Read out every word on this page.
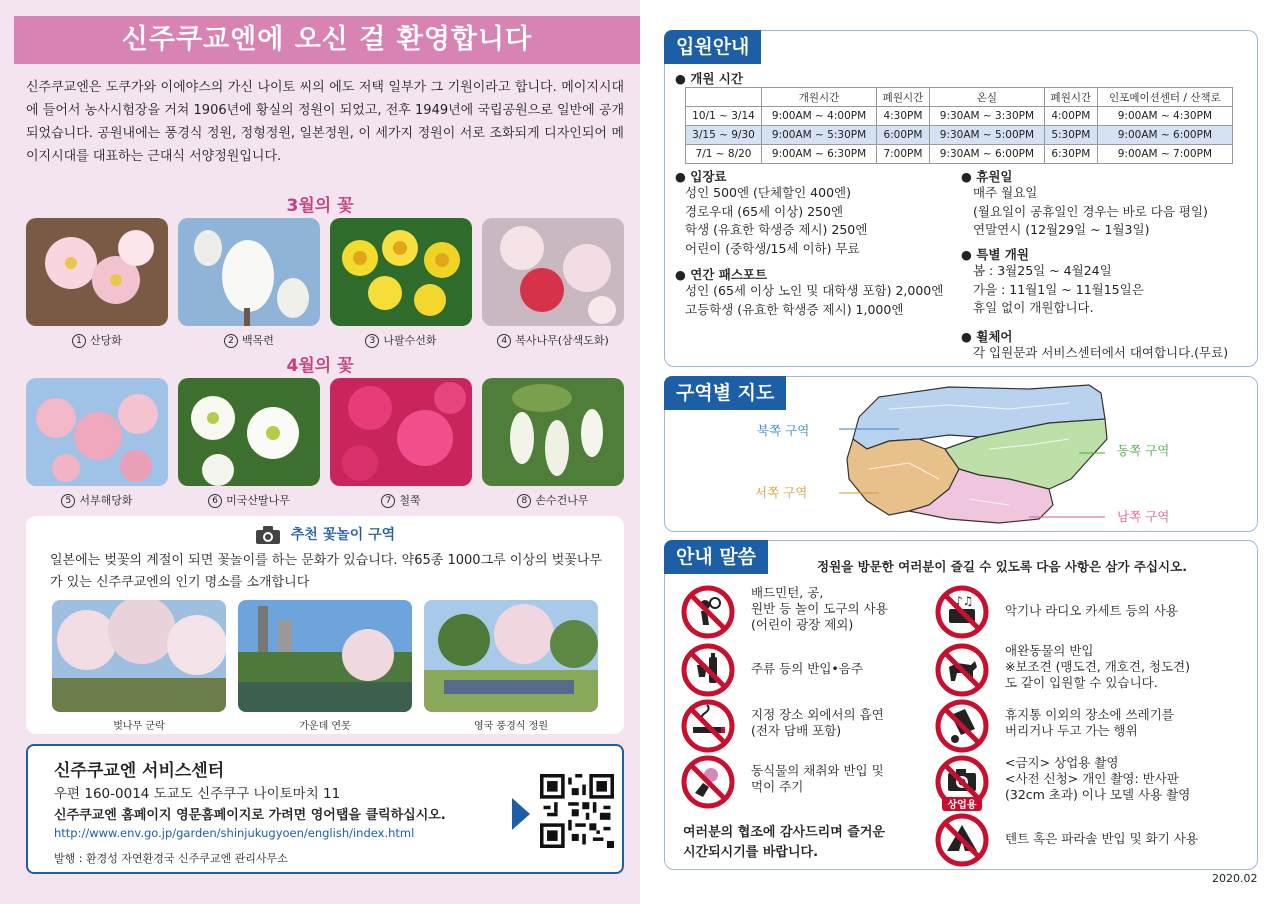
신주쿠교엔에 오신 걸 환영합니다

신주쿠교엔은 도쿠가와 이에야스의 가신 나이토 씨의 에도 저택 일부가 그 기원이라고 합니다. 메이지시대에 들어서 농사시험장을 거쳐 1906년에 황실의 정원이 되었고, 전후 1949년에 국립공원으로 일반에 공개되었습니다. 공원내에는 풍경식 정원, 정형정원, 일본정원, 이 세가지 정원이 서로 조화되게 디자인되어 메이지시대를 대표하는 근대식 서양정원입니다.

3월의 꽃
1 산당화	2 백목련	3 나팔수선화	4 복사나무(삼색도화)
4월의 꽃
5 서부해당화	6 미국산딸나무	7 철쭉	8 손수건나무
추천 꽃놀이 구역

일본에는 벚꽃의 계절이 되면 꽃놀이를 하는 문화가 있습니다. 약65종 1000그루 이상의 벚꽃나무가 있는 신주쿠교엔의 인기 명소를 소개합니다

벚나무 군락	가운데 연못	영국 풍경식 정원
신주쿠교엔 서비스센터
우편 160-0014 도교도 신주쿠구 나이토마치 11
신주쿠교엔 홈페이지 영문홈페이지로 가려면 영어탭을 클릭하십시오.
http://www.env.go.jp/garden/shinjukugyoen/english/index.html
발행 : 환경성 자연환경국 신주쿠교엔 관리사무소
입원안내
● 개원 시간
	개원시간	폐원시간	온실	폐원시간	인포메이션센터 / 산책로
10/1 ~ 3/14	9:00AM ~ 4:00PM	4:30PM	9:30AM ~ 3:30PM	4:00PM	9:00AM ~ 4:30PM
3/15 ~ 9/30	9:00AM ~ 5:30PM	6:00PM	9:30AM ~ 5:00PM	5:30PM	9:00AM ~ 6:00PM
7/1 ~ 8/20	9:00AM ~ 6:30PM	7:00PM	9:30AM ~ 6:00PM	6:30PM	9:00AM ~ 7:00PM
● 입장료
성인 500엔 (단체할인 400엔)
경로우대 (65세 이상) 250엔
학생 (유효한 학생증 제시) 250엔
어린이 (중학생/15세 이하) 무료
● 연간 패스포트
성인 (65세 이상 노인 및 대학생 포함) 2,000엔
고등학생 (유효한 학생증 제시) 1,000엔
● 휴원일
매주 월요일
(월요일이 공휴일인 경우는 바로 다음 평일)
연말연시 (12월29일 ~ 1월3일)
● 특별 개원
봄 : 3월25일 ~ 4월24일
가을 : 11월1일 ~ 11월15일은
휴일 없이 개원합니다.
● 휠체어
각 입원문과 서비스센터에서 대여합니다.(무료)
구역별 지도
북쪽 구역
서쪽 구역
동쪽 구역
남쪽 구역
안내 말씀	정원을 방문한 여러분이 즐길 수 있도록 다음 사항은 삼가 주십시오.
배드민턴, 공,
원반 등 놀이 도구의 사용
(어린이 광장 제외)
♪♫
악기나 라디오 카세트 등의 사용
주류 등의 반입•음주
애완동물의 반입
※보조견 (맹도견, 개호견, 청도견)
도 같이 입원할 수 있습니다.
지정 장소 외에서의 흡연
(전자 담배 포함)
휴지통 이외의 장소에 쓰레기를
버리거나 두고 가는 행위
동식물의 채취와 반입 및
먹이 주기
상업용
<금지> 상업용 촬영
<사전 신청> 개인 촬영: 반사판
(32cm 초과) 이나 모델 사용 촬영
텐트 혹은 파라솔 반입 및 화기 사용
여러분의 협조에 감사드리며 즐거운
시간되시기를 바랍니다.
2020.02
